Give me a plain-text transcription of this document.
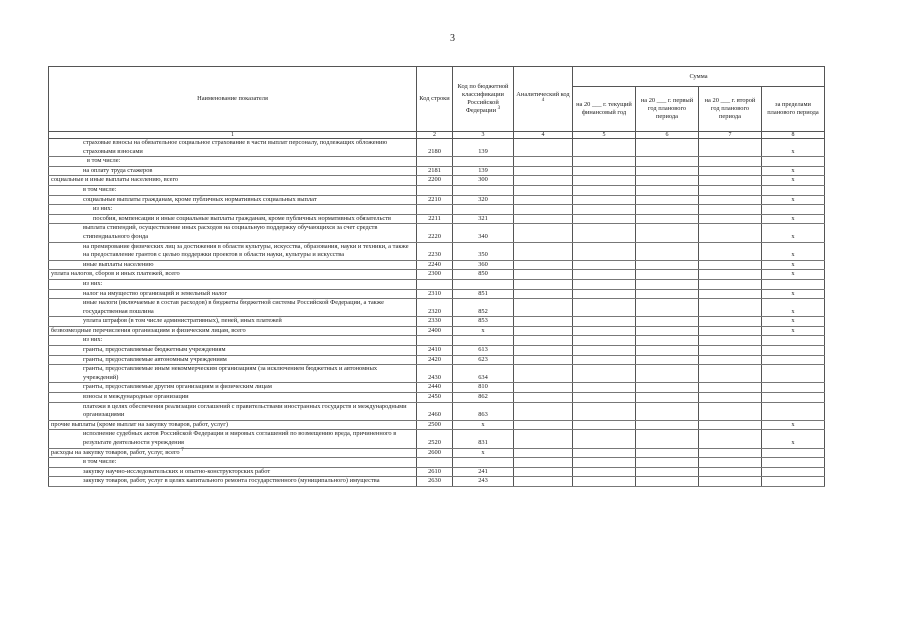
3
Наименование показателя	Код строки	Код по бюджетной классификации Российской Федерации $^3$	Аналитический код $^4$	Сумма			
				на 20 ___ г. текущий финансовый год	на 20 ___ г. первый год планового периода	на 20 ___ г. второй год планового периода	за пределами планового периода
1	2	3	4	5	6	7	8
страховые взносы на обязательное социальное страхование в части выплат персоналу, подлежащих обложению страховыми взносами	2180	139					x
в том числе:							
на оплату труда стажеров	2181	139					x
социальные и иные выплаты населению, всего	2200	300					x
в том числе:							
социальные выплаты гражданам, кроме публичных нормативных социальных выплат	2210	320					x
из них:							
пособия, компенсации и иные социальные выплаты гражданам, кроме публичных нормативных обязательств	2211	321					x
выплата стипендий, осуществление иных расходов на социальную поддержку обучающихся за счет средств стипендиального фонда	2220	340					x
на премирование физических лиц за достижения в области культуры, искусства, образования, науки и техники, а также на предоставление грантов с целью поддержки проектов в области науки, культуры и искусства	2230	350					x
иные выплаты населению	2240	360					x
уплата налогов, сборов и иных платежей, всего	2300	850					x
из них:							
налог на имущество организаций и земельный налог	2310	851					x
иные налоги (включаемые в состав расходов) в бюджеты бюджетной системы Российской Федерации, а также государственная пошлина	2320	852					x
уплата штрафов (в том числе административных), пеней, иных платежей	2330	853					x
безвозмездные перечисления организациям и физическим лицам, всего	2400	x					x
из них:							
гранты, предоставляемые бюджетным учреждениям	2410	613					
гранты, предоставляемые автономным учреждениям	2420	623					
гранты, предоставляемые иным некоммерческим организациям (за исключением бюджетных и автономных учреждений)	2430	634					
гранты, предоставляемые другим организациям и физическим лицам	2440	810					
взносы в международные организации	2450	862					
платежи в целях обеспечения реализации соглашений с правительствами иностранных государств и международными организациями	2460	863					
прочие выплаты (кроме выплат на закупку товаров, работ, услуг)	2500	x					x
исполнение судебных актов Российской Федерации и мировых соглашений по возмещению вреда, причиненного в результате деятельности учреждения	2520	831					x
расходы на закупку товаров, работ, услуг, всего $^7$	2600	x					
в том числе:							
закупку научно-исследовательских и опытно-конструкторских работ	2610	241					
закупку товаров, работ, услуг в целях капитального ремонта государственного (муниципального) имущества	2630	243					
